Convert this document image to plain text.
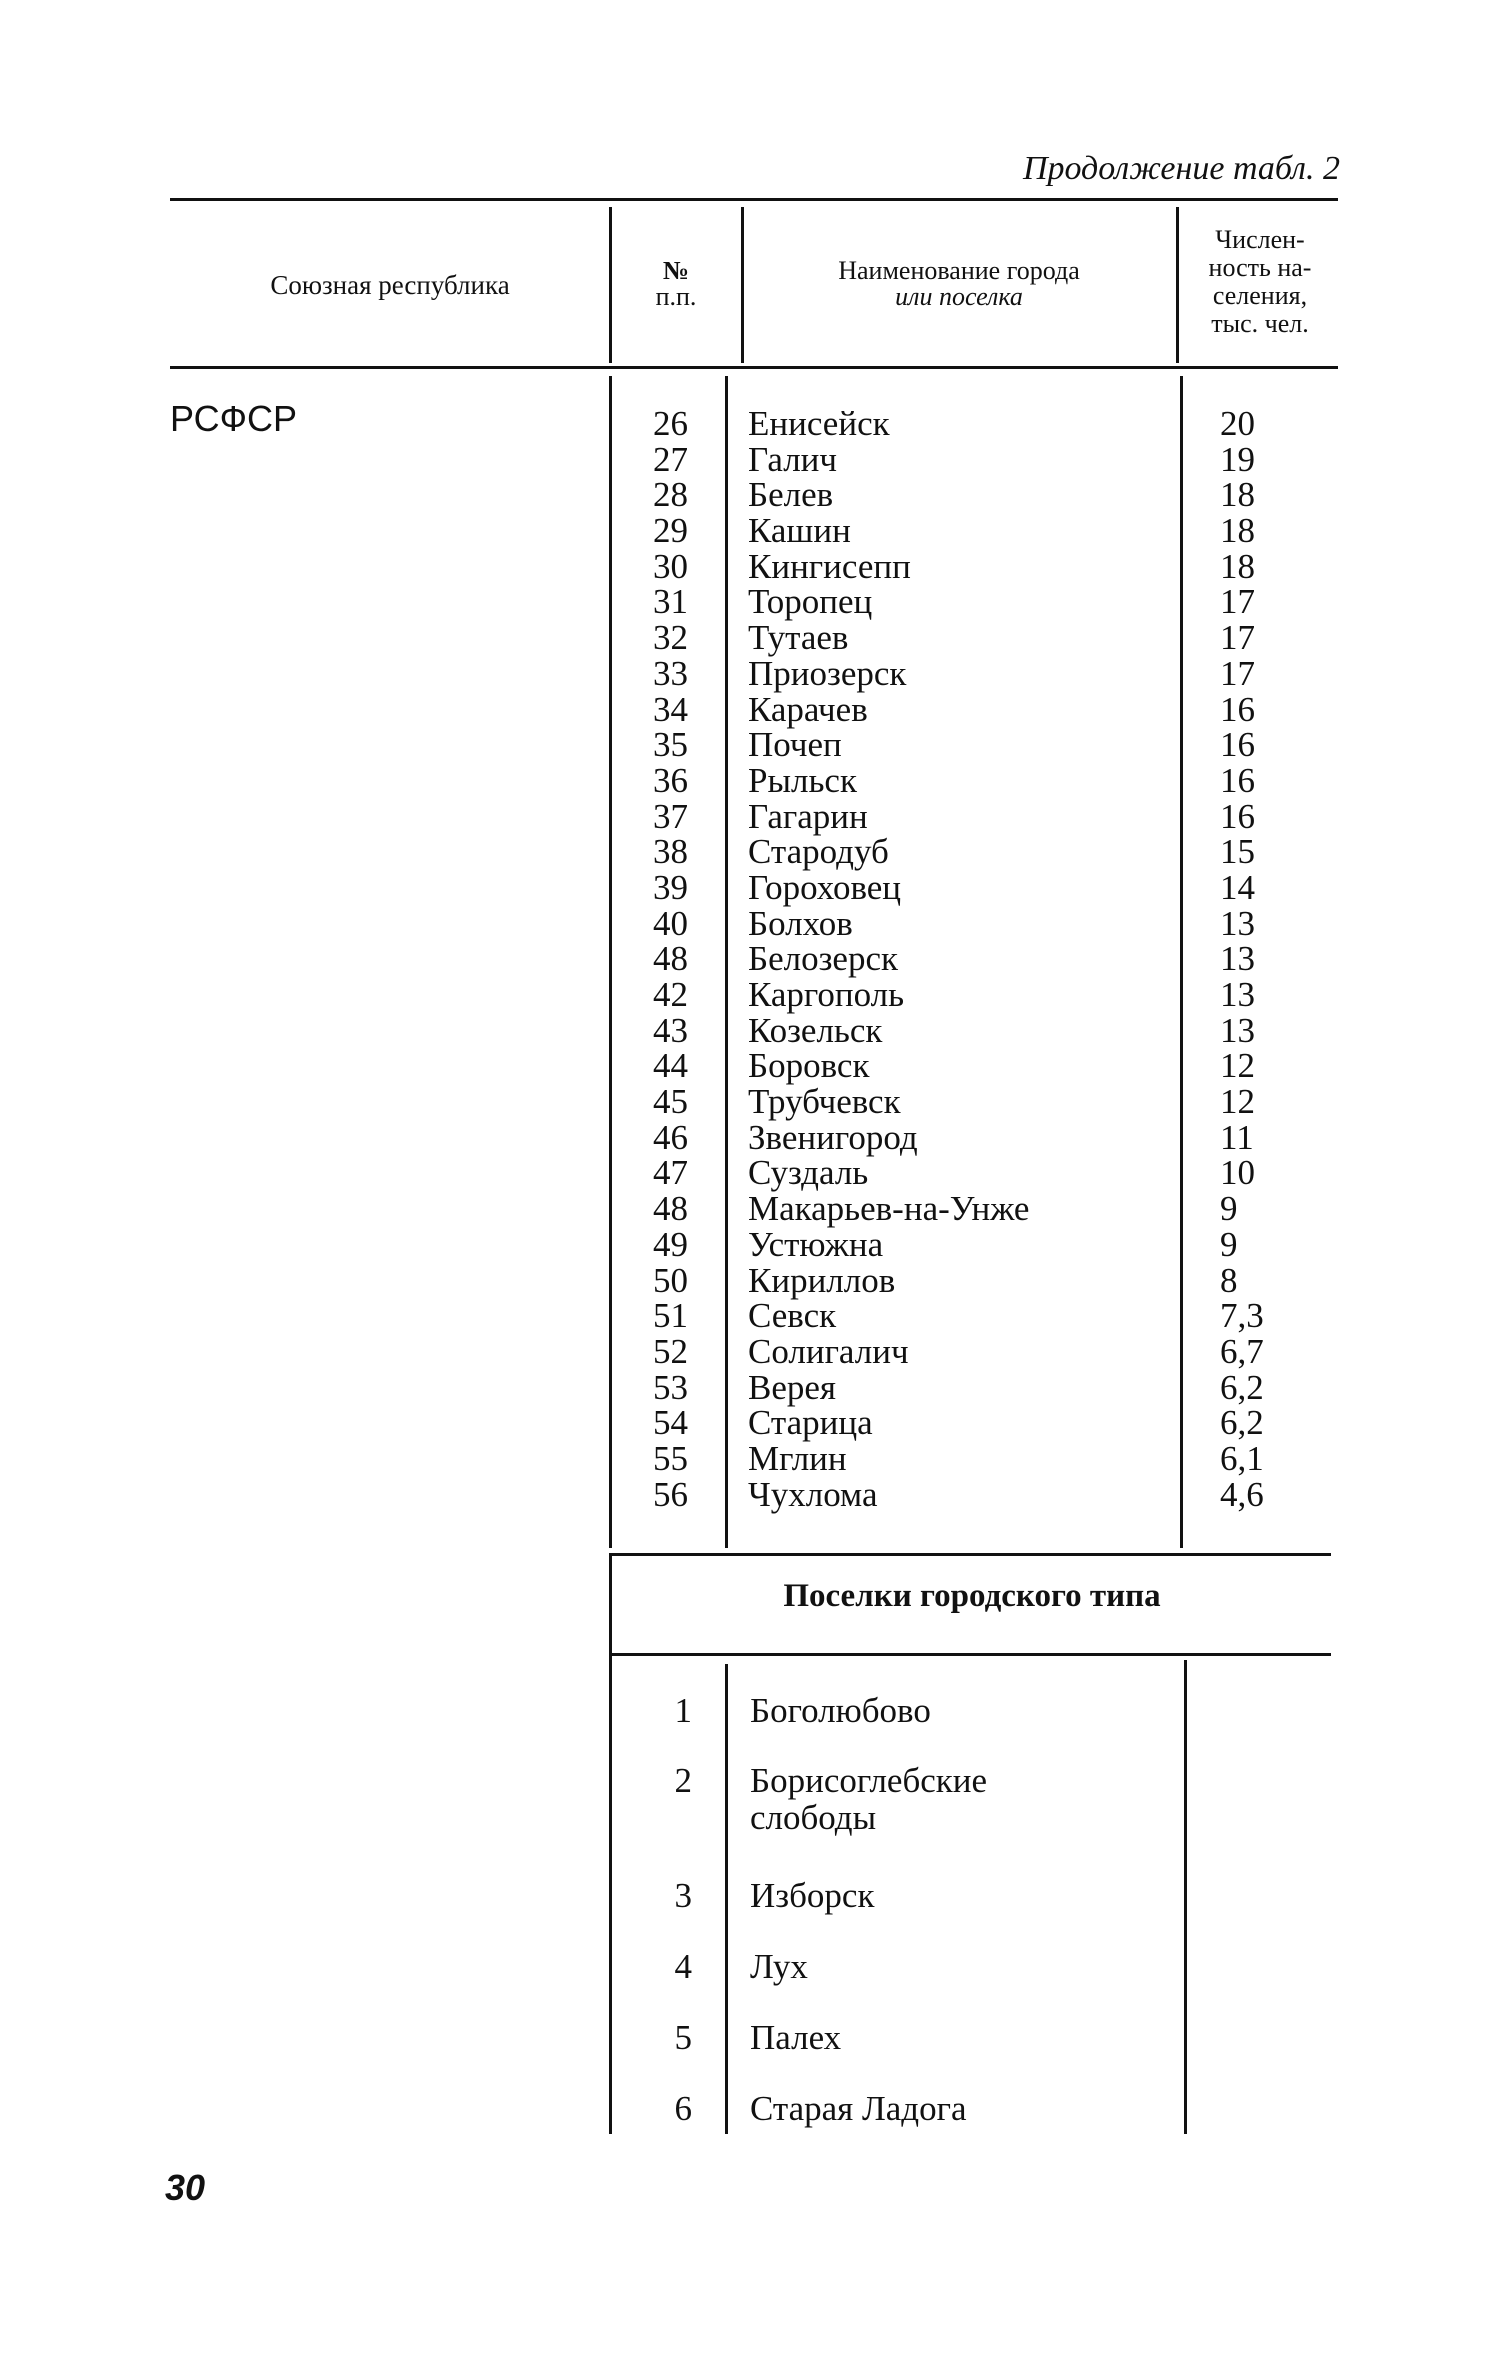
Продолжение табл. 2
Союзная республика	№
п.п.
Наименование города
или поселка
Числен-
ность на-
селения,
тыс. чел.
РСФСР	26
27
28
29
30
31
32
33
34
35
36
37
38
39
40
48
42
43
44
45
46
47
48
49
50
51
52
53
54
55
56
Енисейск
Галич
Белев
Кашин
Кингисепп
Торопец
Тутаев
Приозерск
Карачев
Почеп
Рыльск
Гагарин
Стародуб
Гороховец
Болхов
Белозерск
Каргополь
Козельск
Боровск
Трубчевск
Звенигород
Суздаль
Макарьев-на-Унже
Устюжна
Кириллов
Севск
Солигалич
Верея
Старица
Мглин
Чухлома
20
19
18
18
18
17
17
17
16
16
16
16
15
14
13
13
13
13
12
12
11
10
9
9
8
7,3
6,7
6,2
6,2
6,1
4,6
Поселки городского типа
1 Боголюбово
2 Борисоглебские
слободы
3 Изборск
4 Лух
5 Палех
6 Старая Ладога
30
